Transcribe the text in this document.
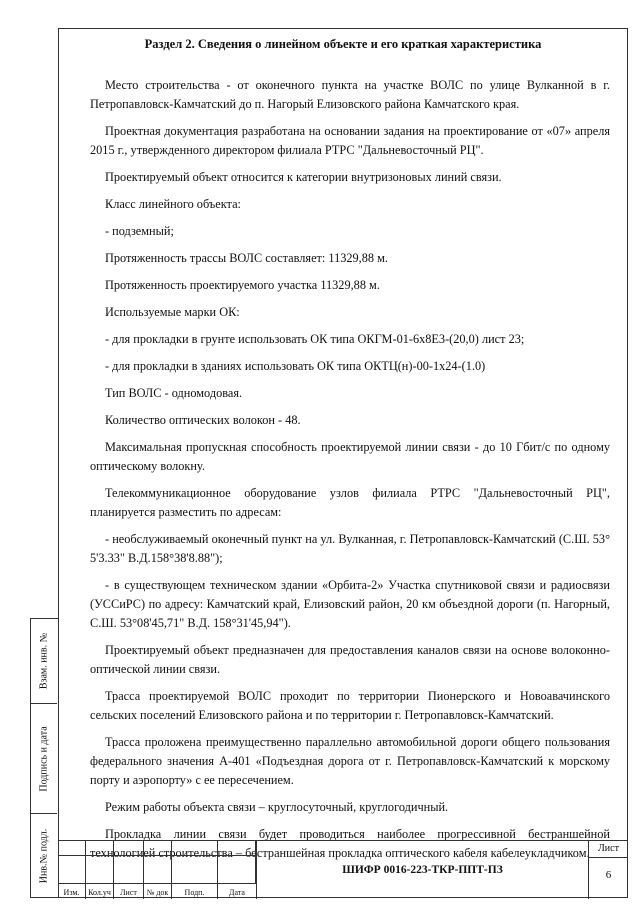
Раздел 2. Сведения о линейном объекте и его краткая характеристика

Место строительства - от оконечного пункта на участке ВОЛС по улице Вулканной в г. Петропавловск-Камчатский до п. Нагорый Елизовского района Камчатского края.

Проектная документация разработана на основании задания на проектирование от «07» апреля 2015 г., утвержденного директором филиала РТРС "Дальневосточный РЦ".

Проектируемый объект относится к категории внутризоновых линий связи.

Класс линейного объекта:

- подземный;

Протяженность трассы ВОЛС составляет: 11329,88 м.

Протяженность проектируемого участка 11329,88 м.

Используемые марки ОК:

- для прокладки в грунте использовать ОК типа ОКГМ-01-6х8Е3-(20,0) лист 23;

- для прокладки в зданиях использовать ОК типа ОКТЦ(н)-00-1х24-(1.0)

Тип ВОЛС - одномодовая.

Количество оптических волокон - 48.

Максимальная пропускная способность проектируемой линии связи - до 10 Гбит/с по одному оптическому волокну.

Телекоммуникационное оборудование узлов филиала РТРС "Дальневосточный РЦ", планируется разместить по адресам:

- необслуживаемый оконечный пункт на ул. Вулканная, г. Петропавловск-Камчатский (С.Ш. 53° 5'3.33" В.Д.158°38'8.88");

- в существующем техническом здании «Орбита-2» Участка спутниковой связи и радиосвязи (УССиРС) по адресу: Камчатский край, Елизовский район, 20 км объездной дороги (п. Нагорный, С.Ш. 53°08'45,71" В.Д. 158°31'45,94").

Проектируемый объект предназначен для предоставления каналов связи на основе волоконно-оптической линии связи.

Трасса проектируемой ВОЛС проходит по территории Пионерского и Новоавачинского сельских поселений Елизовского района и по территории г. Петропавловск-Камчатский.

Трасса проложена преимущественно параллельно автомобильной дороги общего пользования федерального значения А-401 «Подъездная дорога от г. Петропавловск-Камчатский к морскому порту и аэропорту» с ее пересечением.

Режим работы объекта связи – круглосуточный, круглогодичный.

Прокладка линии связи будет проводиться наиболее прогрессивной бестраншейной технологией строительства – бестраншейная прокладка оптического кабеля кабелеукладчиком.

Взам. инв. №
Подпись и дата
Инв.№ подл.
Изм.	Кол.уч	Лист	№ док	Подп.	Дата
ШИФР 0016-223-ТКР-ППТ-ПЗ
Лист
6
